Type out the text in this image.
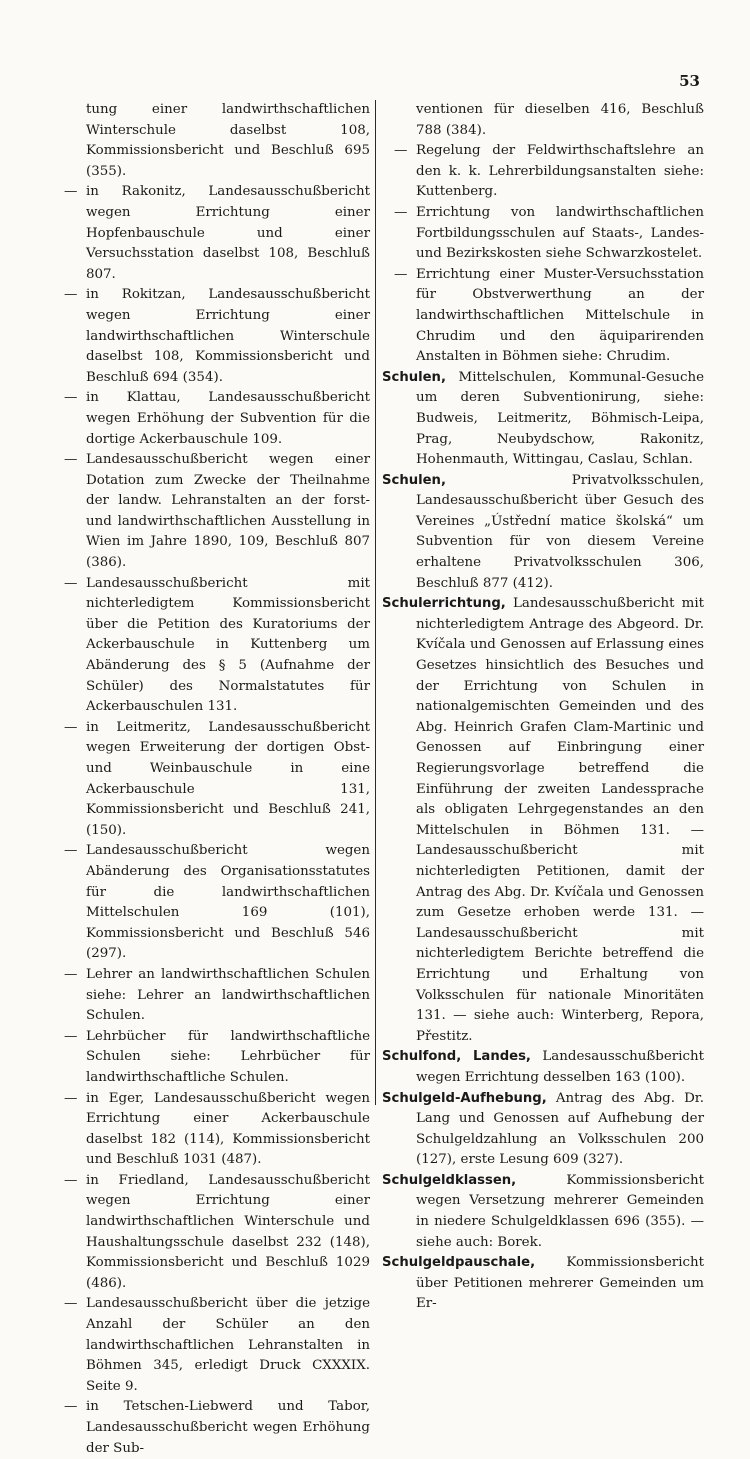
53

tung einer landwirthschaftlichen Winterschule daselbst 108, Kommissionsbericht und Beschluß 695 (355).

— in Rakonitz, Landesausschußbericht wegen Errichtung einer Hopfenbauschule und einer Versuchsstation daselbst 108, Beschluß 807.

— in Rokitzan, Landesausschußbericht wegen Errichtung einer landwirthschaftlichen Winterschule daselbst 108, Kommissionsbericht und Beschluß 694 (354).

— in Klattau, Landesausschußbericht wegen Erhöhung der Subvention für die dortige Ackerbauschule 109.

— Landesausschußbericht wegen einer Dotation zum Zwecke der Theilnahme der landw. Lehranstalten an der forst- und landwirthschaftlichen Ausstellung in Wien im Jahre 1890, 109, Beschluß 807 (386).

— Landesausschußbericht mit nichterledigtem Kommissionsbericht über die Petition des Kuratoriums der Ackerbauschule in Kuttenberg um Abänderung des § 5 (Aufnahme der Schüler) des Normalstatutes für Ackerbauschulen 131.

— in Leitmeritz, Landesausschußbericht wegen Erweiterung der dortigen Obst- und Weinbauschule in eine Ackerbauschule 131, Kommissionsbericht und Beschluß 241, (150).

— Landesausschußbericht wegen Abänderung des Organisationsstatutes für die landwirthschaftlichen Mittelschulen 169 (101), Kommissionsbericht und Beschluß 546 (297).

— Lehrer an landwirthschaftlichen Schulen siehe: Lehrer an landwirthschaftlichen Schulen.

— Lehrbücher für landwirthschaftliche Schulen siehe: Lehrbücher für landwirthschaftliche Schulen.

— in Eger, Landesausschußbericht wegen Errichtung einer Ackerbauschule daselbst 182 (114), Kommissionsbericht und Beschluß 1031 (487).

— in Friedland, Landesausschußbericht wegen Errichtung einer landwirthschaftlichen Winterschule und Haushaltungsschule daselbst 232 (148), Kommissionsbericht und Beschluß 1029 (486).

— Landesausschußbericht über die jetzige Anzahl der Schüler an den landwirthschaftlichen Lehranstalten in Böhmen 345, erledigt Druck CXXXIX. Seite 9.

— in Tetschen-Liebwerd und Tabor, Landesausschußbericht wegen Erhöhung der Sub-

ventionen für dieselben 416, Beschluß 788 (384).

— Regelung der Feldwirthschaftslehre an den k. k. Lehrerbildungsanstalten siehe: Kuttenberg.

— Errichtung von landwirthschaftlichen Fortbildungsschulen auf Staats-, Landes- und Bezirkskosten siehe Schwarzkostelet.

— Errichtung einer Muster-Versuchsstation für Obstverwerthung an der landwirthschaftlichen Mittelschule in Chrudim und den äquiparirenden Anstalten in Böhmen siehe: Chrudim.

Schulen, Mittelschulen, Kommunal-Gesuche um deren Subventionirung, siehe: Budweis, Leitmeritz, Böhmisch-Leipa, Prag, Neubydschow, Rakonitz, Hohenmauth, Wittingau, Caslau, Schlan.

Schulen,	Privatvolksschulen, Landesausschußbericht über Gesuch des Vereines „Ústřední matice školská“ um Subvention für von diesem Vereine erhaltene Privatvolksschulen 306, Beschluß 877 (412).

Schulerrichtung, Landesausschußbericht mit nichterledigtem Antrage des Abgeord. Dr. Kvíčala und Genossen auf Erlassung eines Gesetzes hinsichtlich des Besuches und der Errichtung von Schulen in nationalgemischten Gemeinden und des Abg. Heinrich Grafen Clam-Martinic und Genossen auf Einbringung einer Regierungsvorlage betreffend die Einführung der zweiten Landessprache als obligaten Lehrgegenstandes an den Mittelschulen in Böhmen 131. — Landesausschußbericht mit nichterledigten Petitionen, damit der Antrag des Abg. Dr. Kvíčala und Genossen zum Gesetze erhoben werde 131. — Landesausschußbericht mit nichterledigtem Berichte betreffend die Errichtung und Erhaltung von Volksschulen für nationale Minoritäten 131. — siehe auch: Winterberg, Repora, Přestitz.

Schulfond, Landes, Landesausschußbericht wegen Errichtung desselben 163 (100).

Schulgeld-Aufhebung, Antrag des Abg. Dr. Lang und Genossen auf Aufhebung der Schulgeldzahlung an Volksschulen 200 (127), erste Lesung 609 (327).

Schulgeldklassen,	Kommissionsbericht wegen Versetzung mehrerer Gemeinden in niedere Schulgeldklassen 696 (355). — siehe auch: Borek.

Schulgeldpauschale, Kommissionsbericht über Petitionen mehrerer Gemeinden um Er-
